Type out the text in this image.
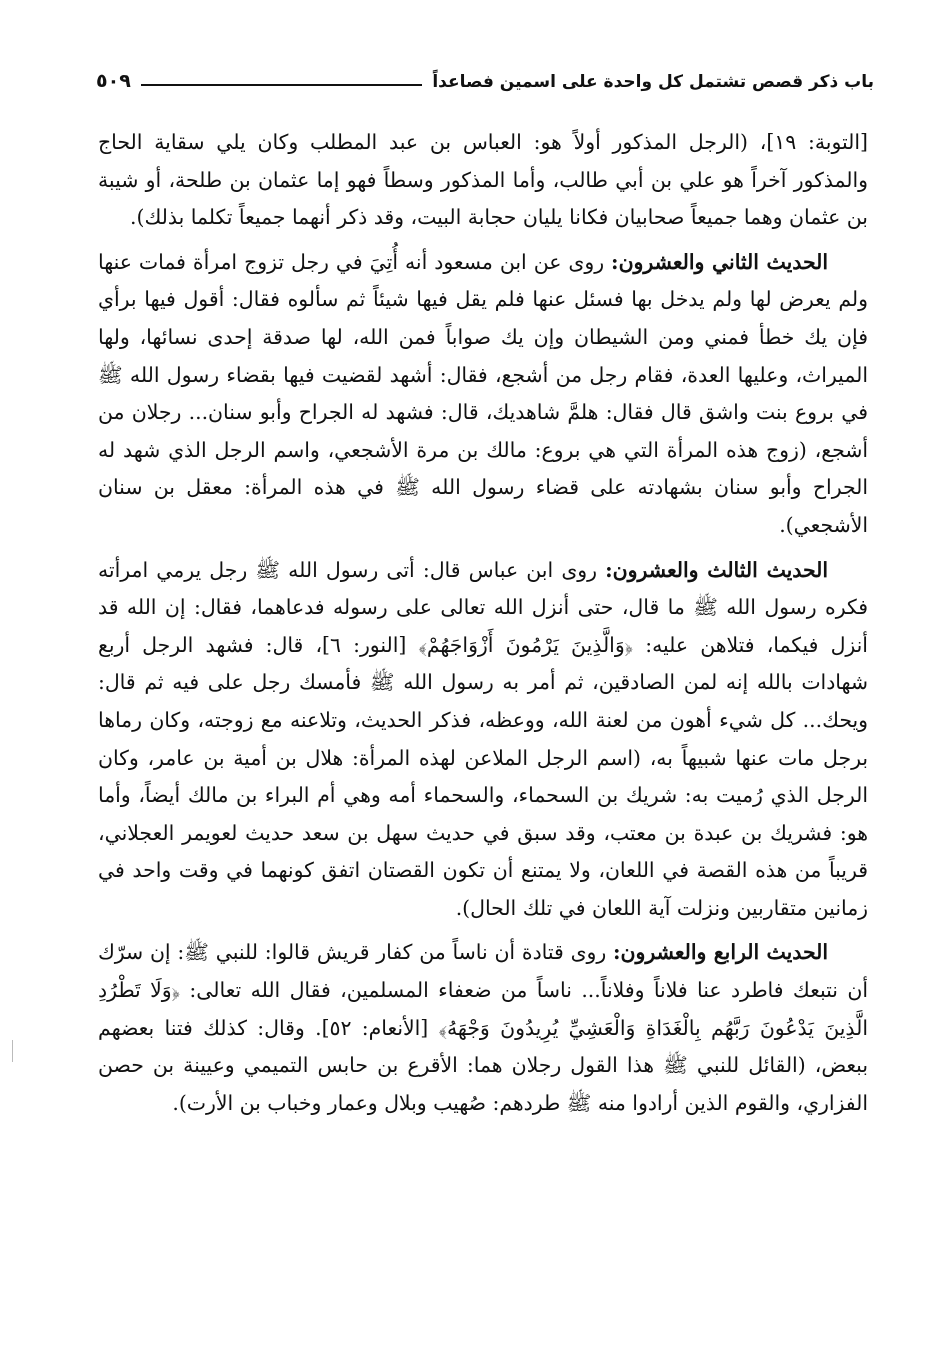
باب ذكر قصص تشتمل كل واحدة على اسمين فصاعداً
٥٠٩

[التوبة: ١٩]، (الرجل المذكور أولاً هو: العباس بن عبد المطلب وكان يلي سقاية الحاج والمذكور آخراً هو علي بن أبي طالب، وأما المذكور وسطاً فهو إما عثمان بن طلحة، أو شيبة بن عثمان وهما جميعاً صحابيان فكانا يليان حجابة البيت، وقد ذكر أنهما جميعاً تكلما بذلك).

الحديث الثاني والعشرون: روى عن ابن مسعود أنه أُتِيَ في رجل تزوج امرأة فمات عنها ولم يعرض لها ولم يدخل بها فسئل عنها فلم يقل فيها شيئاً ثم سألوه فقال: أقول فيها برأي فإن يك خطأ فمني ومن الشيطان وإن يك صواباً فمن الله، لها صدقة إحدى نسائها، ولها الميراث، وعليها العدة، فقام رجل من أشجع، فقال: أشهد لقضيت فيها بقضاء رسول الله ﷺ في بروع بنت واشق قال فقال: هلمَّ شاهديك، قال: فشهد له الجراح وأبو سنان... رجلان من أشجع، (زوج هذه المرأة التي هي بروع: مالك بن مرة الأشجعي، واسم الرجل الذي شهد له الجراح وأبو سنان بشهادته على قضاء رسول الله ﷺ في هذه المرأة: معقل بن سنان الأشجعي).

الحديث الثالث والعشرون: روى ابن عباس قال: أتى رسول الله ﷺ رجل يرمي امرأته فكره رسول الله ﷺ ما قال، حتى أنزل الله تعالى على رسوله فدعاهما، فقال: إن الله قد أنزل فيكما، فتلاهن عليه: ﴿وَالَّذِينَ يَرْمُونَ أَزْوَاجَهُمْ﴾ [النور: ٦]، قال: فشهد الرجل أربع شهادات بالله إنه لمن الصادقين، ثم أمر به رسول الله ﷺ فأمسك رجل على فيه ثم قال: ويحك... كل شيء أهون من لعنة الله، ووعظه، فذكر الحديث، وتلاعنه مع زوجته، وكان رماها برجل مات عنها شبيهاً به، (اسم الرجل الملاعن لهذه المرأة: هلال بن أمية بن عامر، وكان الرجل الذي رُميت به: شريك بن السحماء، والسحماء أمه وهي أم البراء بن مالك أيضاً، وأما هو: فشريك بن عبدة بن معتب، وقد سبق في حديث سهل بن سعد حديث لعويمر العجلاني، قريباً من هذه القصة في اللعان، ولا يمتنع أن تكون القصتان اتفق كونهما في وقت واحد في زمانين متقاربين ونزلت آية اللعان في تلك الحال).

الحديث الرابع والعشرون: روى قتادة أن ناساً من كفار قريش قالوا: للنبي ﷺ: إن سرّك أن نتبعك فاطرد عنا فلاناً وفلاناً... ناساً من ضعفاء المسلمين، فقال الله تعالى: ﴿وَلَا تَطْرُدِ الَّذِينَ يَدْعُونَ رَبَّهُم بِالْغَدَاةِ وَالْعَشِيِّ يُرِيدُونَ وَجْهَهُ﴾ [الأنعام: ٥٢]. وقال: كذلك فتنا بعضهم ببعض، (القائل للنبي ﷺ هذا القول رجلان هما: الأقرع بن حابس التميمي وعيينة بن حصن الفزاري، والقوم الذين أرادوا منه ﷺ طردهم: صُهيب وبلال وعمار وخباب بن الأرت).
